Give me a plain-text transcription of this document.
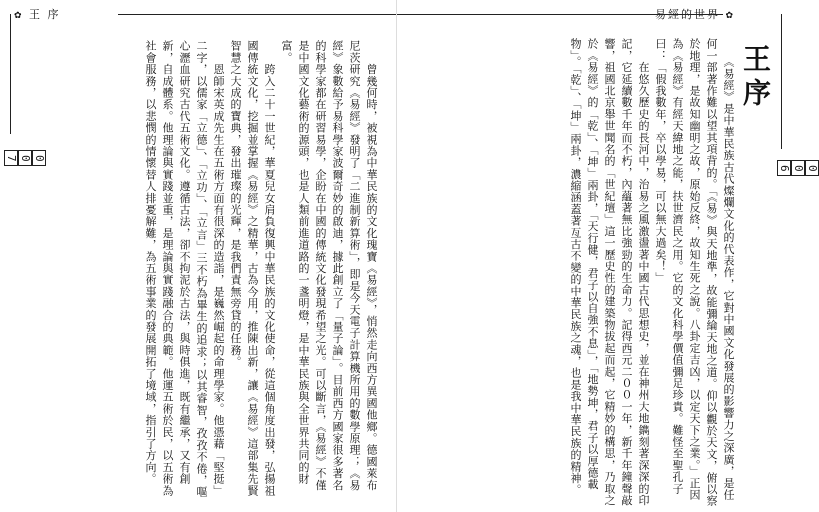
✿ 王 序
0
0
7	　　曾幾何時，被視為中華民族的文化瑰寶《易經》，悄然走向西方異國他鄉。德國萊布尼茨研究《易經》發明了「二進制新算術」，即是今天電子計算機所用的數學原理；《易經》象數給予易科學家波爾奇妙的啟迪，據此創立了「量子論」。目前西方國家很多著名的科學家都在研習易學，企盼在中國的傳統文化發現希望之光。可以斷言，《易經》不僅是中國文化藝術的源頭，也是人類前進道路的一盞明燈，是中華民族與全世界共同的財富。
　　跨入二十一世紀，華夏兒女肩負復興中華民族的文化使命，從這個角度出發，弘揚祖國傳統文化，挖掘並掌握《易經》之精華，古為今用，推陳出新，讓《易經》這部集先賢智慧之大成的寶典，發出璀璨的光輝，是我們責無旁貸的任務。
　　恩師宋英成先生在五術方面有很深的造詣，是巍然崛起的命理學家。他憑藉「堅挺」二字，以儒家「立德」、「立功」、「立言」三不朽為畢生的追求；以其睿智，孜孜不倦，嘔心瀝血研究古代五術文化。遵循古法，卻不拘泥於古法，與時俱進，既有繼承，又有創新，自成體系。他理論與實踐並重，是理論與實踐融合的典範。他運五術於民，以五術為社會服務，以悲憫的情懷替人排憂解難，為五術事業的發展開拓了境域，指引了方向。
易經的世界 ✿
0
0
6
王序
　　《易經》是中華民族古代燦爛文化的代表作，它對中國文化發展的影響力之深廣，是任何一部著作難以望其項背的。「《易》與天地準，故能彌綸天地之道。仰以觀於天文，俯以察於地理，是故知幽明之故，原始反終，故知生死之說。八卦定吉凶，以定天下之業。」正因為《易經》有經天緯地之能，扶世濟民之用。它的文化科學價值彌足珍貴。難怪至聖孔子曰：「假我數年，卒以學易，可以無大過矣！」
　　在悠久歷史的長河中，治易之風激盪著中國古代思想史，並在神州大地鐫刻著深深的印記，它延續數千年而不朽，內蘊著無比強勁的生命力。記得西元二００一年，新千年鐘聲敲響，祖國北京舉世聞名的「世紀壇」這一歷史性的建築物拔起而起，它精妙的構思，乃取之於《易經》的「乾」、「坤」兩卦，「天行健，君子以自強不息」，「地勢坤，君子以厚德載物」。「乾」、「坤」兩卦，濃縮涵蓋著亙古不變的中華民族之魂，也是我中華民族的精神。
